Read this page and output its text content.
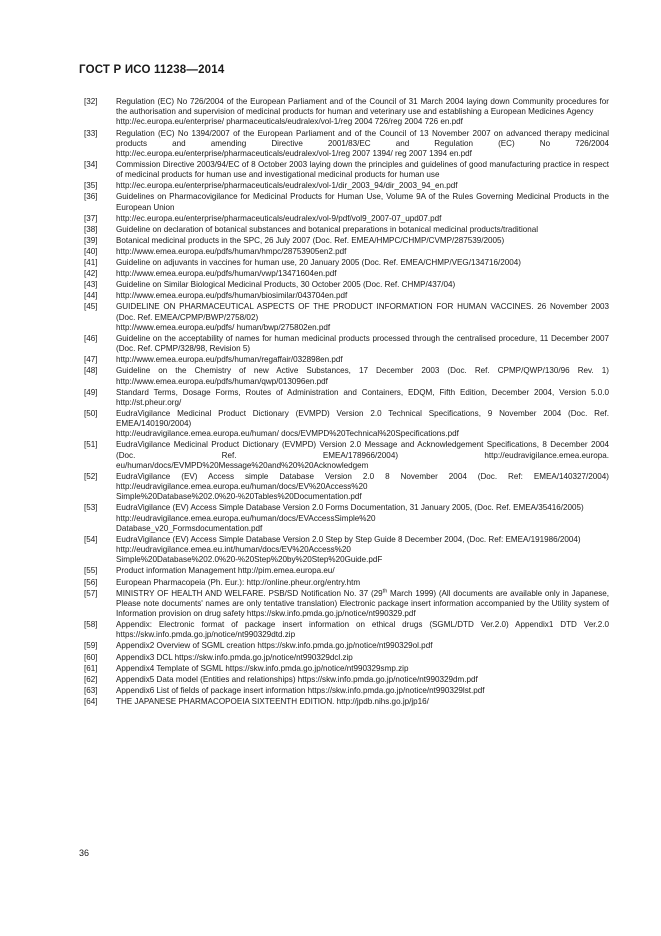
ГОСТ Р ИСО 11238—2014
[32]	Regulation (EC) No 726/2004 of the European Parliament and of the Council of 31 March 2004 laying down Community procedures for the authorisation and supervision of medicinal products for human and veterinary use and establishing a European Medicines Agency
http://ec.europa.eu/enterprise/ pharmaceuticals/eudralex/vol-1/reg 2004 726/reg 2004 726 en.pdf
[33]	Regulation (EC) No 1394/2007 of the European Parliament and of the Council of 13 November 2007 on advanced therapy medicinal products and amending Directive 2001/83/EC and Regulation (EC) No 726/2004 http://ec.europa.eu/enterprise/pharmaceuticals/eudralex/vol-1/reg 2007 1394/ reg 2007 1394 en.pdf
[34]	Commission Directive 2003/94/EC of 8 October 2003 laying down the principles and guidelines of good manufacturing practice in respect of medicinal products for human use and investigational medicinal products for human use
[35]	http://ec.europa.eu/enterprise/pharmaceuticals/eudralex/vol-1/dir_2003_94/dir_2003_94_en.pdf
[36]	Guidelines on Pharmacovigilance for Medicinal Products for Human Use, Volume 9A of the Rules Governing Medicinal Products in the European Union
[37]	http://ec.europa.eu/enterprise/pharmaceuticals/eudralex/vol-9/pdf/vol9_2007-07_upd07.pdf
[38]	Guideline on declaration of botanical substances and botanical preparations in botanical medicinal products/traditional
[39]	Botanical medicinal products in the SPC, 26 July 2007 (Doc. Ref. EMEA/HMPC/CHMP/CVMP/287539/2005)
[40]	http://www.emea.europa.eu/pdfs/human/hmpc/28753905en2.pdf
[41]	Guideline on adjuvants in vaccines for human use, 20 January 2005 (Doc. Ref. EMEA/CHMP/VEG/134716/2004)
[42]	http://www.emea.europa.eu/pdfs/human/vwp/13471604en.pdf
[43]	Guideline on Similar Biological Medicinal Products, 30 October 2005 (Doc. Ref. CHMP/437/04)
[44]	http://www.emea.europa.eu/pdfs/human/biosimilar/043704en.pdf
[45]	GUIDELINE ON PHARMACEUTICAL ASPECTS OF THE PRODUCT INFORMATION FOR HUMAN VACCINES. 26 November 2003 (Doc. Ref. EMEA/CPMP/BWP/2758/02)
http://www.emea.europa.eu/pdfs/ human/bwp/275802en.pdf
[46]	Guideline on the acceptability of names for human medicinal products processed through the centralised procedure, 11 December 2007 (Doc. Ref. CPMP/328/98, Revision 5)
[47]	http://www.emea.europa.eu/pdfs/human/regaffair/032898en.pdf
[48]	Guideline on the Chemistry of new Active Substances, 17 December 2003 (Doc. Ref. CPMP/QWP/130/96 Rev. 1) http://www.emea.europa.eu/pdfs/human/qwp/013096en.pdf
[49]	Standard Terms, Dosage Forms, Routes of Administration and Containers, EDQM, Fifth Edition, December 2004, Version 5.0.0 http://st.pheur.org/
[50]	EudraVigilance Medicinal Product Dictionary (EVMPD) Version 2.0 Technical Specifications, 9 November 2004 (Doc. Ref. EMEA/140190/2004)
http://eudravigilance.emea.europa.eu/human/ docs/EVMPD%20Technical%20Specifications.pdf
[51]	EudraVigilance Medicinal Product Dictionary (EVMPD) Version 2.0 Message and Acknowledgement Specifications, 8 December 2004 (Doc. Ref. EMEA/178966/2004) http://eudravigilance.emea.europa. eu/human/docs/EVMPD%20Message%20and%20%20Acknowledgem
[52]	EudraVigilance (EV) Access simple Database Version 2.0 8 November 2004 (Doc. Ref: EMEA/140327/2004) http://eudravigilance.emea.europa.eu/human/docs/EV%20Access%20
Simple%20Database%202.0%20-%20Tables%20Documentation.pdf
[53]	EudraVigilance (EV) Access Simple Database Version 2.0 Forms Documentation, 31 January 2005, (Doc. Ref. EMEA/35416/2005)
http://eudravigilance.emea.europa.eu/human/docs/EVAccessSimple%20
Database_v20_Formsdocumentation.pdf
[54]	EudraVigilance (EV) Access Simple Database Version 2.0 Step by Step Guide 8 December 2004, (Doc. Ref: EMEA/191986/2004)
http://eudravigilance.emea.eu.int/human/docs/EV%20Access%20
Simple%20Database%202.0%20-%20Step%20by%20Step%20Guide.pdF
[55]	Product information Management http://pim.emea.europa.eu/
[56]	European Pharmacopeia (Ph. Eur.): http://online.pheur.org/entry.htm
[57]	MINISTRY OF HEALTH AND WELFARE. PSB/SD Notification No. 37 (29th March 1999) (All documents are available only in Japanese, Please note documents' names are only tentative translation) Electronic package insert information accompanied by the Utility system of Information provision on drug safety https://skw.info.pmda.go.jp/notice/nt990329.pdf
[58]	Appendix: Electronic format of package insert information on ethical drugs (SGML/DTD Ver.2.0) Appendix1 DTD Ver.2.0 https://skw.info.pmda.go.jp/notice/nt990329dtd.zip
[59]	Appendix2 Overview of SGML creation https://skw.info.pmda.go.jp/notice/nt990329ol.pdf
[60]	Appendix3 DCL https://skw.info.pmda.go.jp/notice/nt990329dcl.zip
[61]	Appendix4 Template of SGML https://skw.info.pmda.go.jp/notice/nt990329smp.zip
[62]	Appendix5 Data model (Entities and relationships) https://skw.info.pmda.go.jp/notice/nt990329dm.pdf
[63]	Appendix6 List of fields of package insert information https://skw.info.pmda.go.jp/notice/nt990329lst.pdf
[64]	THE JAPANESE PHARMACOPOEIA SIXTEENTH EDITION. http://jpdb.nihs.go.jp/jp16/
36
